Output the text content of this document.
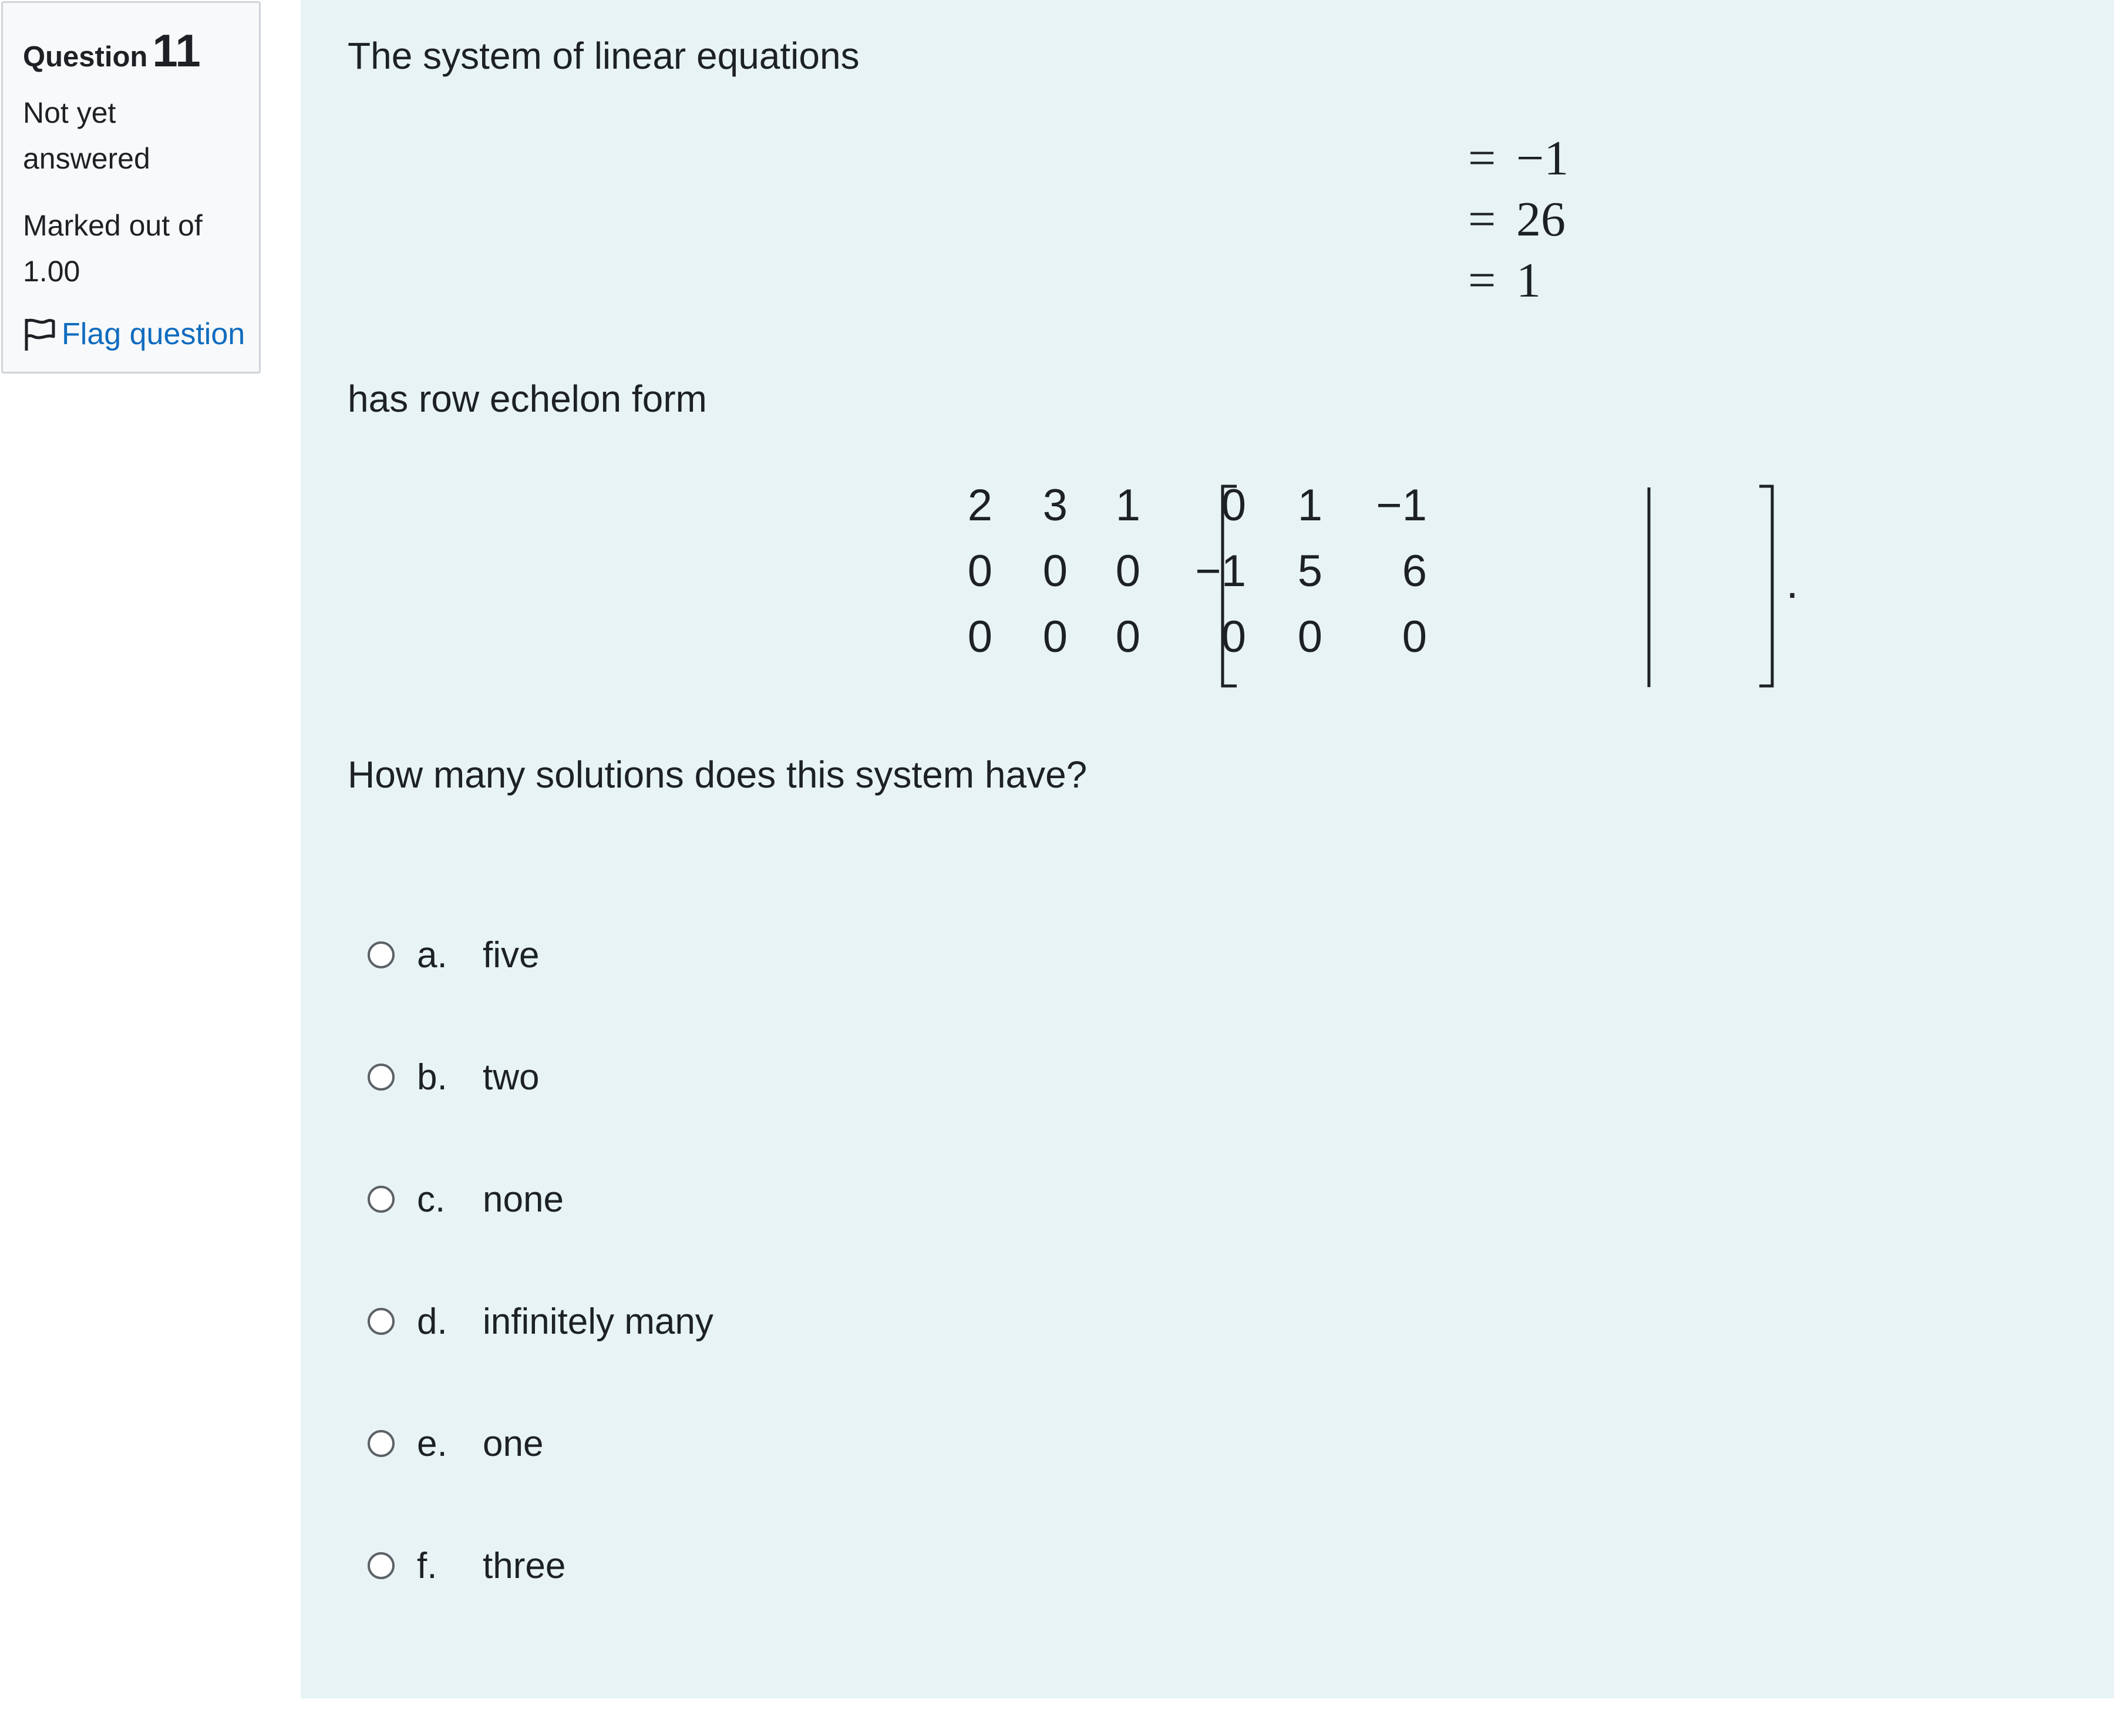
Question 11
Not yet
answered
Marked out of
1.00
Flag question
The system of linear equations
= −1
= 26
= 1
has row echelon form
2 3 1 0 1
0 0 0 −1 5
0 0 0 0 0
−1
6
0
.
How many solutions does this system have?
a. five
b. two
c.	none
d. infinitely many
e. one
f.	three
